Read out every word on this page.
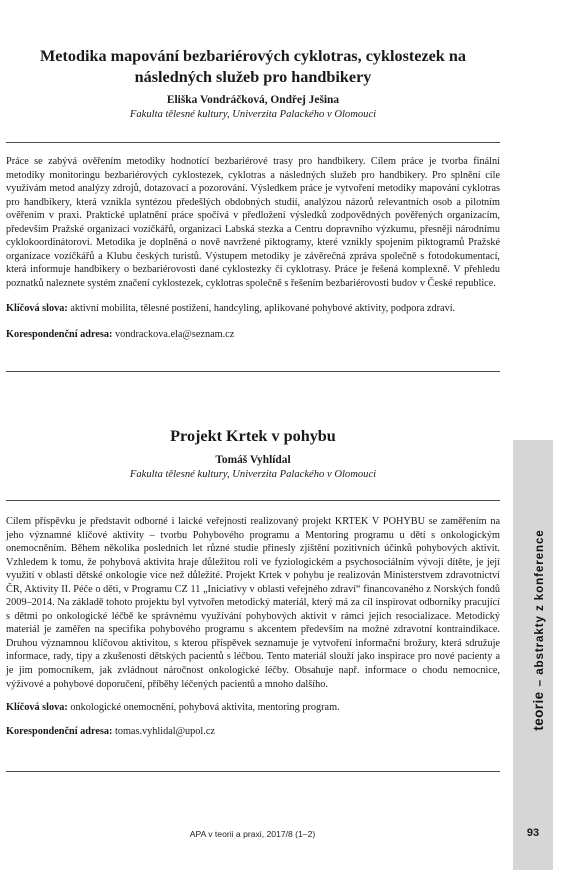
Metodika mapování bezbariérových cyklotras, cyklostezek na následných služeb pro handbikery
Eliška Vondráčková, Ondřej Ješina
Fakulta tělesné kultury, Univerzita Palackého v Olomouci

Práce se zabývá ověřením metodiky hodnotící bezbariérové trasy pro handbikery. Cílem práce je tvorba finální metodiky monitoringu bezbariérových cyklostezek, cyklotras a následných služeb pro handbikery. Pro splnění cíle využívám metod analýzy zdrojů, dotazovací a pozorování. Výsledkem práce je vytvoření metodiky mapování cyklotras pro handbikery, která vznikla syntézou předešlých obdobných studií, analýzou názorů relevantních osob a pilotním ověřením v praxi. Praktické uplatnění práce spočívá v předložení výsledků zodpovědných pověřených organizacím, především Pražské organizaci vozíčkářů, organizaci Labská stezka a Centru dopravního výzkumu, přesněji národnímu cyklokoordinátorovi. Metodika je doplněná o nově navržené piktogramy, které vznikly spojením piktogramů Pražské organizace vozíčkářů a Klubu českých turistů. Výstupem metodiky je závěrečná zpráva společně s fotodokumentací, která informuje handbikery o bezbariérovosti dané cyklostezky či cyklotrasy. Práce je řešená komplexně. V přehledu poznatků naleznete systém značení cyklostezek, cyklotras společně s řešením bezbariérovosti budov v České republice.

Klíčová slova: aktivní mobilita, tělesné postižení, handcyling, aplikované pohybové aktivity, podpora zdraví.

Korespondenční adresa: vondrackova.ela@seznam.cz

Projekt Krtek v pohybu
Tomáš Vyhlídal
Fakulta tělesné kultury, Univerzita Palackého v Olomouci

Cílem příspěvku je představit odborné i laické veřejnosti realizovaný projekt KRTEK V POHYBU se zaměřením na jeho významné klíčové aktivity – tvorbu Pohybového programu a Mentoring programu u dětí s onkologickým onemocněním. Během několika posledních let různé studie přinesly zjištění pozitivních účinků pohybových aktivit. Vzhledem k tomu, že pohybová aktivita hraje důležitou roli ve fyziologickém a psychosociálním vývoji dítěte, je její využití v oblasti dětské onkologie více než důležité. Projekt Krtek v pohybu je realizován Ministerstvem zdravotnictví ČR, Aktivity II. Péče o děti, v Programu CZ 11 „Iniciativy v oblasti veřejného zdraví“ financovaného z Norských fondů 2009–2014. Na základě tohoto projektu byl vytvořen metodický materiál, který má za cíl inspirovat odborníky pracující s dětmi po onkologické léčbě ke správnému využívání pohybových aktivit v rámci jejich resocializace. Metodický materiál je zaměřen na specifika pohybového programu s akcentem především na možné zdravotní kontraindikace. Druhou významnou klíčovou aktivitou, s kterou příspěvek seznamuje je vytvoření informační brožury, která sdružuje informace, rady, tipy a zkušenosti dětských pacientů s léčbou. Tento materiál slouží jako inspirace pro nové pacienty a je jim pomocníkem, jak zvládnout náročnost onkologické léčby. Obsahuje např. informace o chodu nemocnice, výživové a pohybové doporučení, příběhy léčených pacientů a mnoho dalšího.

Klíčová slova: onkologické onemocnění, pohybová aktivita, mentoring program.

Korespondenční adresa: tomas.vyhlidal@upol.cz

teorie–abstrakty z konference
APA v teorii a praxi, 2017/8 (1–2)	93
